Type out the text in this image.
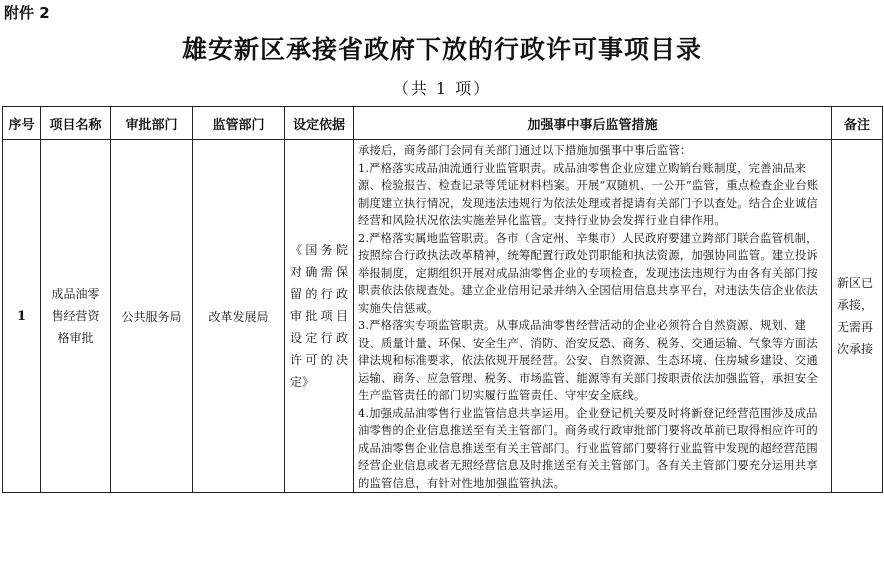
附件 2
雄安新区承接省政府下放的行政许可事项目录
（共 1 项）
序号	项目名称	审批部门	监管部门	设定依据	加强事中事后监管措施	备注
1	成品油零售经营资格审批	公共服务局	改革发展局	《国务院对确需保留的行政审批项目设定行政许可的决定》	承接后，商务部门会同有关部门通过以下措施加强事中事后监管：

1.严格落实成品油流通行业监管职责。成品油零售企业应建立购销台账制度，完善油品来源、检验报告、检查记录等凭证材料档案。开展“双随机、一公开”监管，重点检查企业台账制度建立执行情况，发现违法违规行为依法处理或者提请有关部门予以查处。结合企业诚信经营和风险状况依法实施差异化监管。支持行业协会发挥行业自律作用。

2.严格落实属地监管职责。各市（含定州、辛集市）人民政府要建立跨部门联合监管机制，按照综合行政执法改革精神，统筹配置行政处罚职能和执法资源，加强协同监管。建立投诉举报制度，定期组织开展对成品油零售企业的专项检查，发现违法违规行为由各有关部门按职责依法依规查处。建立企业信用记录并纳入全国信用信息共享平台，对违法失信企业依法实施失信惩戒。

3.严格落实专项监管职责。从事成品油零售经营活动的企业必须符合自然资源、规划、建设、质量计量、环保、安全生产、消防、治安反恐、商务、税务、交通运输、气象等方面法律法规和标准要求，依法依规开展经营。公安、自然资源、生态环境、住房城乡建设、交通运输、商务、应急管理、税务、市场监管、能源等有关部门按职责依法加强监管，承担安全生产监管责任的部门切实履行监管责任、守牢安全底线。

4.加强成品油零售行业监管信息共享运用。企业登记机关要及时将新登记经营范围涉及成品油零售的企业信息推送至有关主管部门。商务或行政审批部门要将改革前已取得相应许可的成品油零售企业信息推送至有关主管部门。行业监管部门要将行业监管中发现的超经营范围经营企业信息或者无照经营信息及时推送至有关主管部门。各有关主管部门要充分运用共享的监管信息，有针对性地加强监管执法。	新区已承接，无需再次承接
